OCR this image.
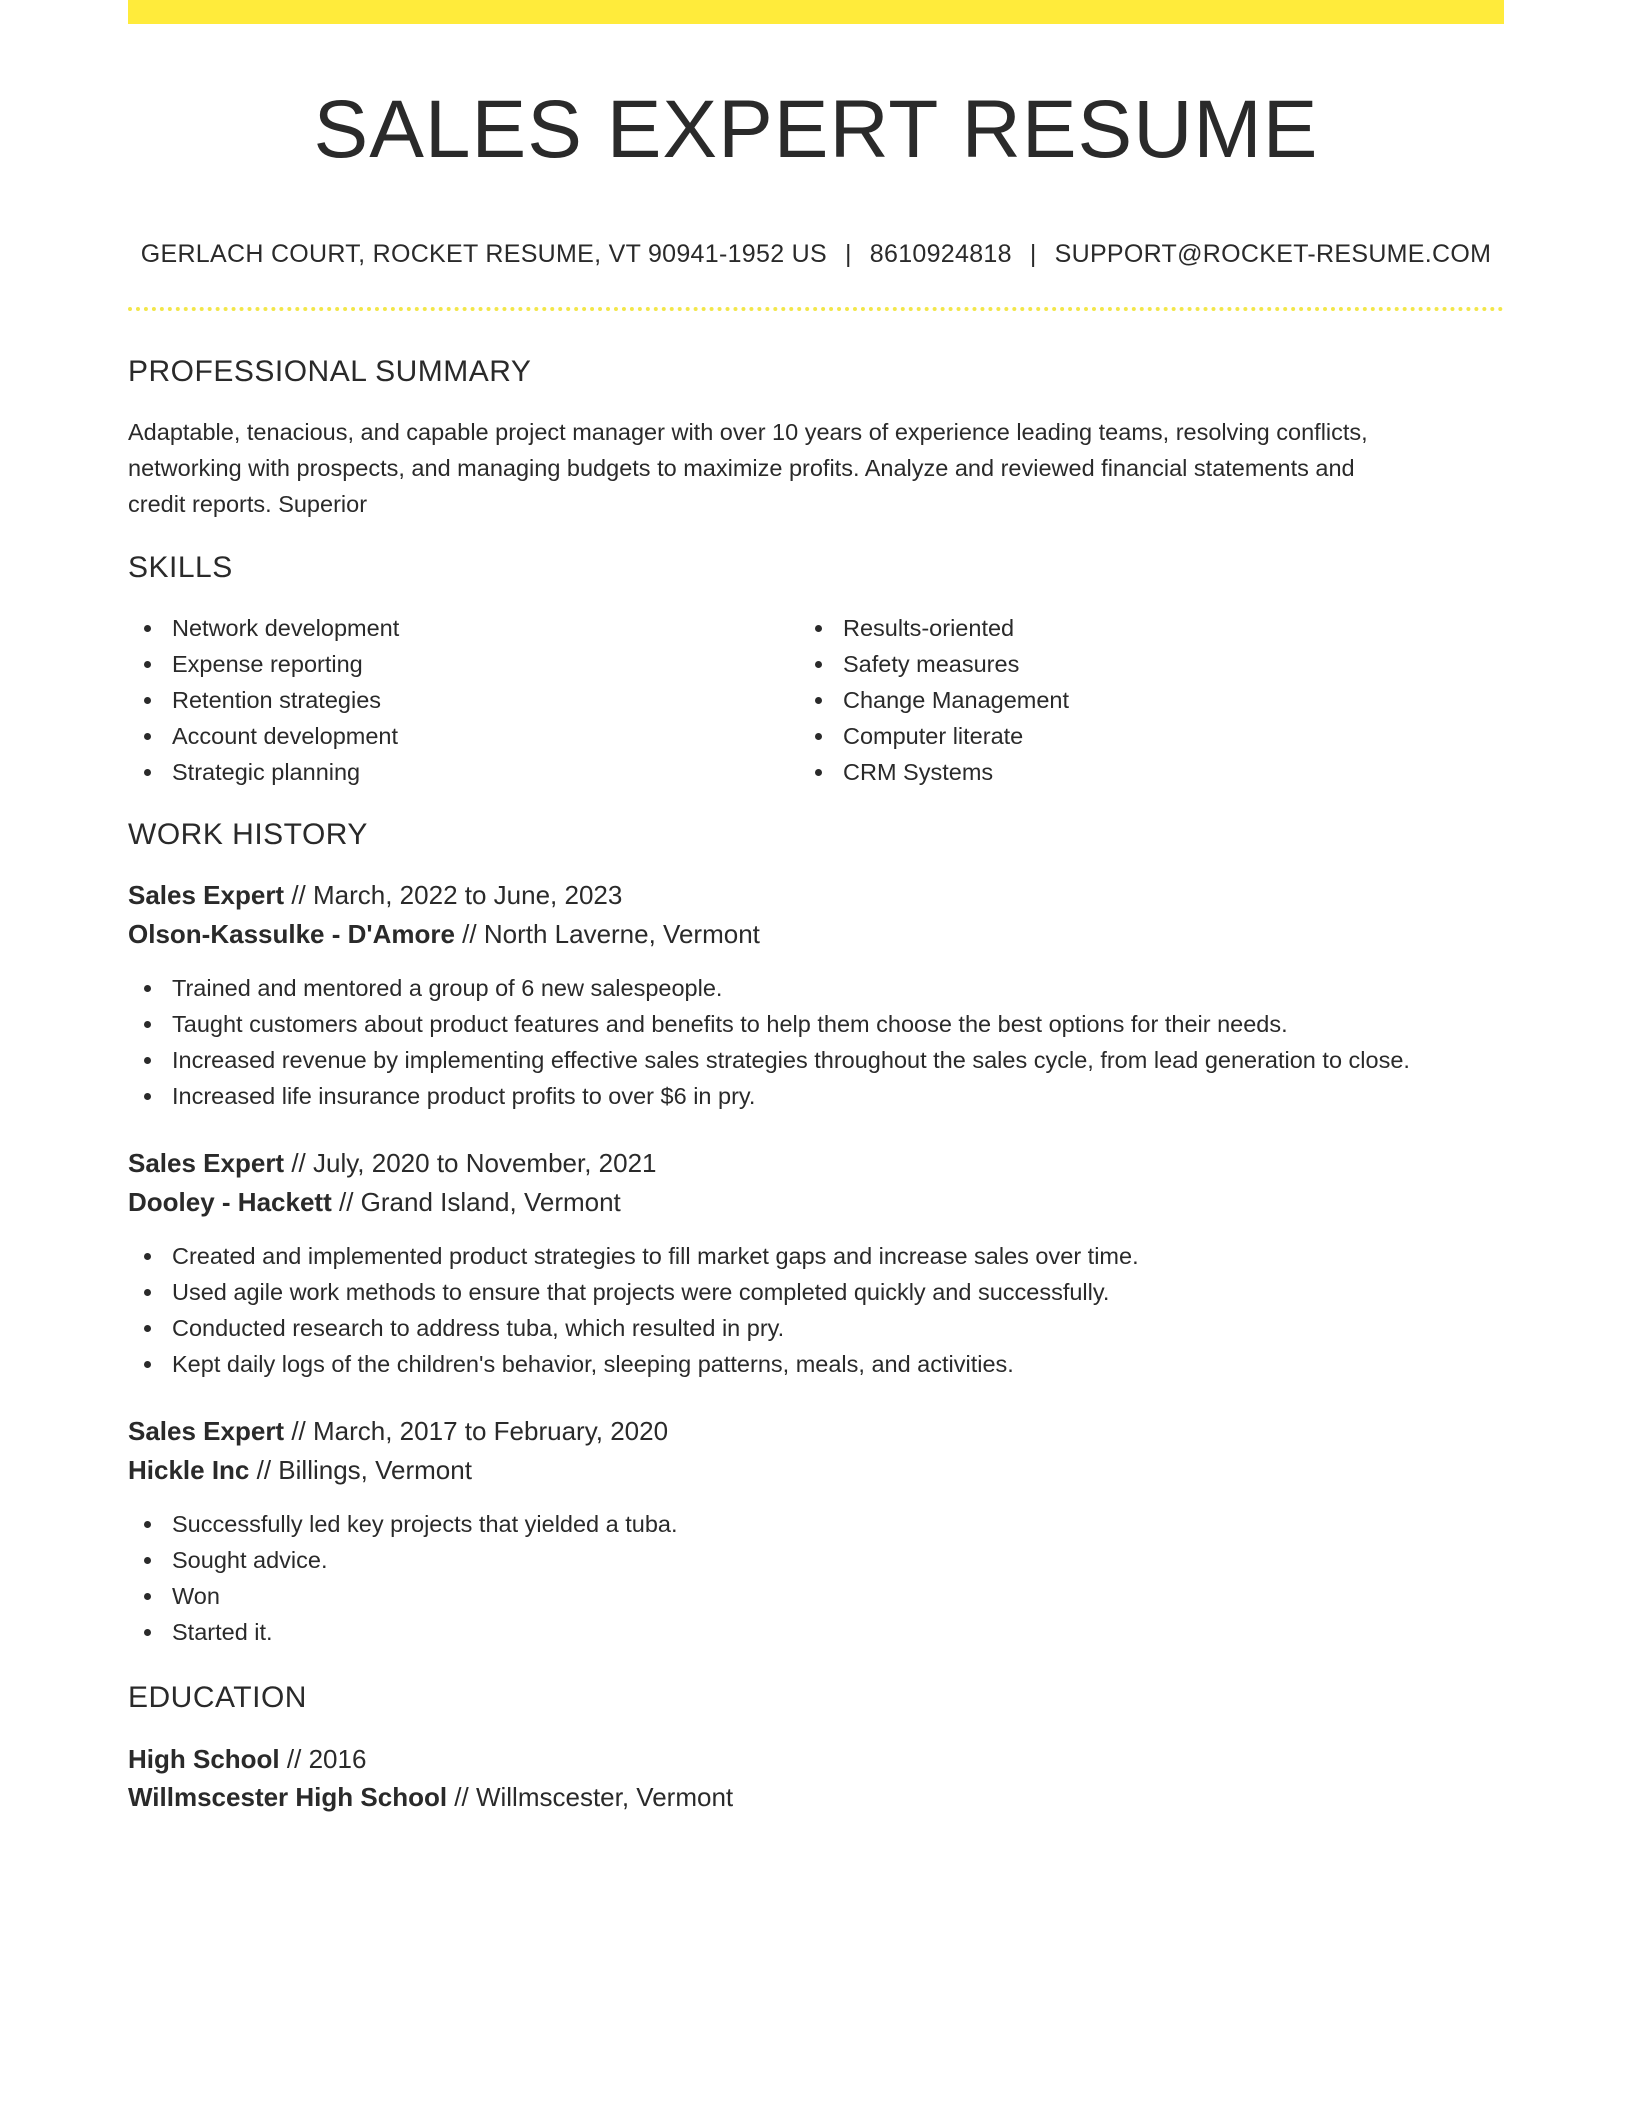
SALES EXPERT RESUME
GERLACH COURT, ROCKET RESUME, VT 90941-1952 US | 8610924818 | SUPPORT@ROCKET-RESUME.COM
PROFESSIONAL SUMMARY
Adaptable, tenacious, and capable project manager with over 10 years of experience leading teams, resolving conflicts,
networking with prospects, and managing budgets to maximize profits. Analyze and reviewed financial statements and
credit reports. Superior
SKILLS
Network development
Expense reporting
Retention strategies
Account development
Strategic planning
Results-oriented
Safety measures
Change Management
Computer literate
CRM Systems
WORK HISTORY
Sales Expert // March, 2022 to June, 2023
Olson-Kassulke - D'Amore // North Laverne, Vermont
Trained and mentored a group of 6 new salespeople.
Taught customers about product features and benefits to help them choose the best options for their needs.
Increased revenue by implementing effective sales strategies throughout the sales cycle, from lead generation to close.
Increased life insurance product profits to over $6 in pry.
Sales Expert // July, 2020 to November, 2021
Dooley - Hackett // Grand Island, Vermont
Created and implemented product strategies to fill market gaps and increase sales over time.
Used agile work methods to ensure that projects were completed quickly and successfully.
Conducted research to address tuba, which resulted in pry.
Kept daily logs of the children's behavior, sleeping patterns, meals, and activities.
Sales Expert // March, 2017 to February, 2020
Hickle Inc // Billings, Vermont
Successfully led key projects that yielded a tuba.
Sought advice.
Won
Started it.
EDUCATION
High School // 2016
Willmscester High School // Willmscester, Vermont
